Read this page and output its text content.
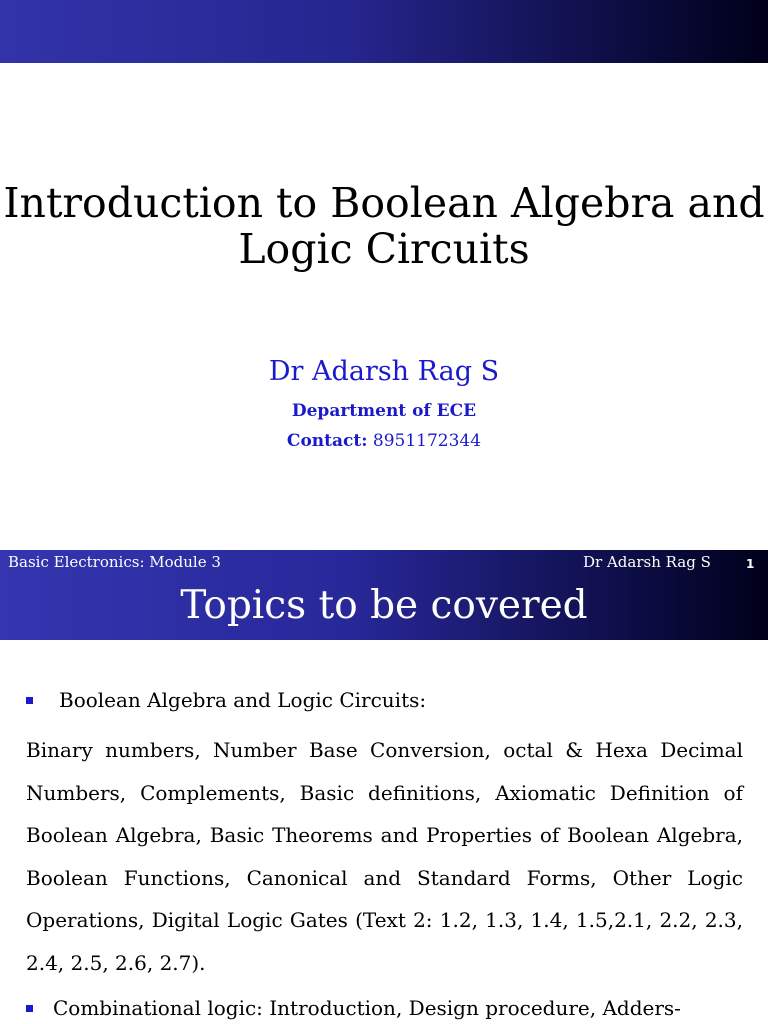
Introduction to Boolean Algebra and
Logic Circuits
Dr Adarsh Rag S
Department of ECE
Contact: 8951172344
Basic Electronics: Module 3	Dr Adarsh Rag S	1
Topics to be covered
Boolean Algebra and Logic Circuits:
Binary numbers, Number Base Conversion, octal & Hexa Decimal
Numbers, Complements, Basic definitions, Axiomatic Definition of
Boolean Algebra, Basic Theorems and Properties of Boolean Algebra,
Boolean Functions, Canonical and Standard Forms, Other Logic
Operations, Digital Logic Gates (Text 2: 1.2, 1.3, 1.4, 1.5,2.1, 2.2, 2.3,
2.4, 2.5, 2.6, 2.7).
Combinational logic: Introduction, Design procedure, Adders-
